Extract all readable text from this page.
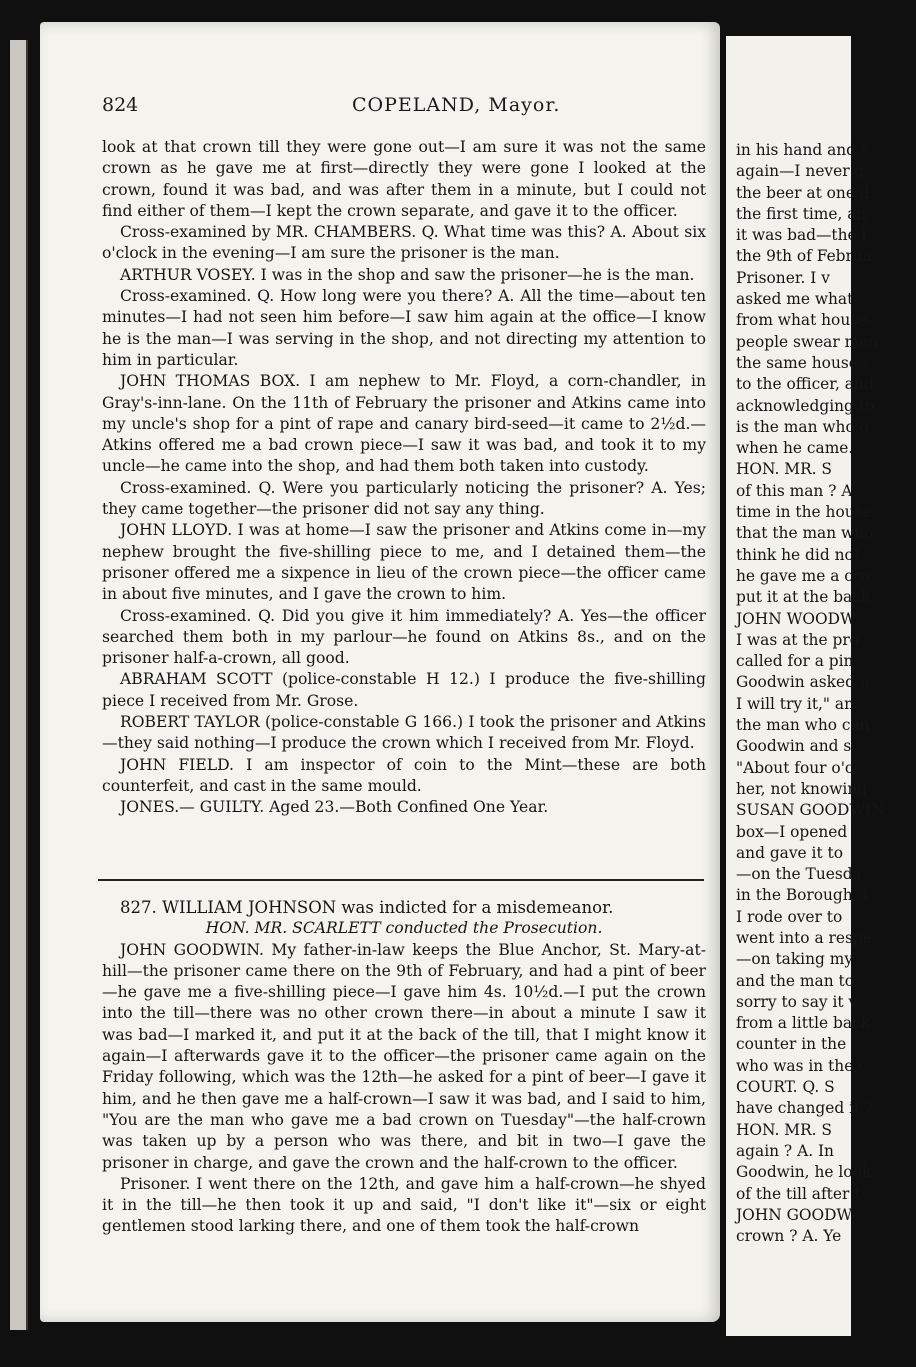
in his hand and s
again—I never g
the beer at one d
the first time, an
it was bad—the l
the 9th of Februa
Prisoner. I v
asked me what
from what house-
people swear men
the same house ;
to the officer, and
acknowledging to
is the man who g
when he came.
HON. MR. S
of this man ? A
time in the house
that the man who
think he did not
he gave me a cro
put it at the back
JOHN WOODW
I was at the pro
called for a pin
Goodwin asked n
I will try it," an
the man who can
Goodwin and s
"About four o'c
her, not knowing
SUSAN GOODWIN
box—I opened i
and gave it to
—on the Tuesda
in the Borough, t
I rode over to
went into a respe
—on taking my
and the man to
sorry to say it v
from a little back
counter in the
who was in the c
COURT. Q. S
have changed it ?
HON. MR. S
again ? A. In
Goodwin, he look
of the till after t
JOHN GOODW
crown ? A. Ye
824	COPELAND, Mayor.

look at that crown till they were gone out—I am sure it was not the same crown as he gave me at first—directly they were gone I looked at the crown, found it was bad, and was after them in a minute, but I could not find either of them—I kept the crown separate, and gave it to the officer.

Cross-examined by MR. CHAMBERS. Q. What time was this? A. About six o'clock in the evening—I am sure the prisoner is the man.

ARTHUR VOSEY. I was in the shop and saw the prisoner—he is the man.

Cross-examined. Q. How long were you there? A. All the time—about ten minutes—I had not seen him before—I saw him again at the office—I know he is the man—I was serving in the shop, and not directing my attention to him in particular.

JOHN THOMAS BOX. I am nephew to Mr. Floyd, a corn-chandler, in Gray's-inn-lane. On the 11th of February the prisoner and Atkins came into my uncle's shop for a pint of rape and canary bird-seed—it came to 2½d.—Atkins offered me a bad crown piece—I saw it was bad, and took it to my uncle—he came into the shop, and had them both taken into custody.

Cross-examined. Q. Were you particularly noticing the prisoner? A. Yes; they came together—the prisoner did not say any thing.

JOHN LLOYD. I was at home—I saw the prisoner and Atkins come in—my nephew brought the five-shilling piece to me, and I detained them—the prisoner offered me a sixpence in lieu of the crown piece—the officer came in about five minutes, and I gave the crown to him.

Cross-examined. Q. Did you give it him immediately? A. Yes—the officer searched them both in my parlour—he found on Atkins 8s., and on the prisoner half-a-crown, all good.

ABRAHAM SCOTT (police-constable H 12.) I produce the five-shilling piece I received from Mr. Grose.

ROBERT TAYLOR (police-constable G 166.) I took the prisoner and Atkins—they said nothing—I produce the crown which I received from Mr. Floyd.

JOHN FIELD. I am inspector of coin to the Mint—these are both counterfeit, and cast in the same mould.

JONES.— GUILTY. Aged 23.—Both Confined One Year.

827. WILLIAM JOHNSON was indicted for a misdemeanor.

HON. MR. SCARLETT conducted the Prosecution.

JOHN GOODWIN. My father-in-law keeps the Blue Anchor, St. Mary-at-hill—the prisoner came there on the 9th of February, and had a pint of beer—he gave me a five-shilling piece—I gave him 4s. 10½d.—I put the crown into the till—there was no other crown there—in about a minute I saw it was bad—I marked it, and put it at the back of the till, that I might know it again—I afterwards gave it to the officer—the prisoner came again on the Friday following, which was the 12th—he asked for a pint of beer—I gave it him, and he then gave me a half-crown—I saw it was bad, and I said to him, "You are the man who gave me a bad crown on Tuesday"—the half-crown was taken up by a person who was there, and bit in two—I gave the prisoner in charge, and gave the crown and the half-crown to the officer.

Prisoner. I went there on the 12th, and gave him a half-crown—he shyed it in the till—he then took it up and said, "I don't like it"—six or eight gentlemen stood larking there, and one of them took the half-crown
